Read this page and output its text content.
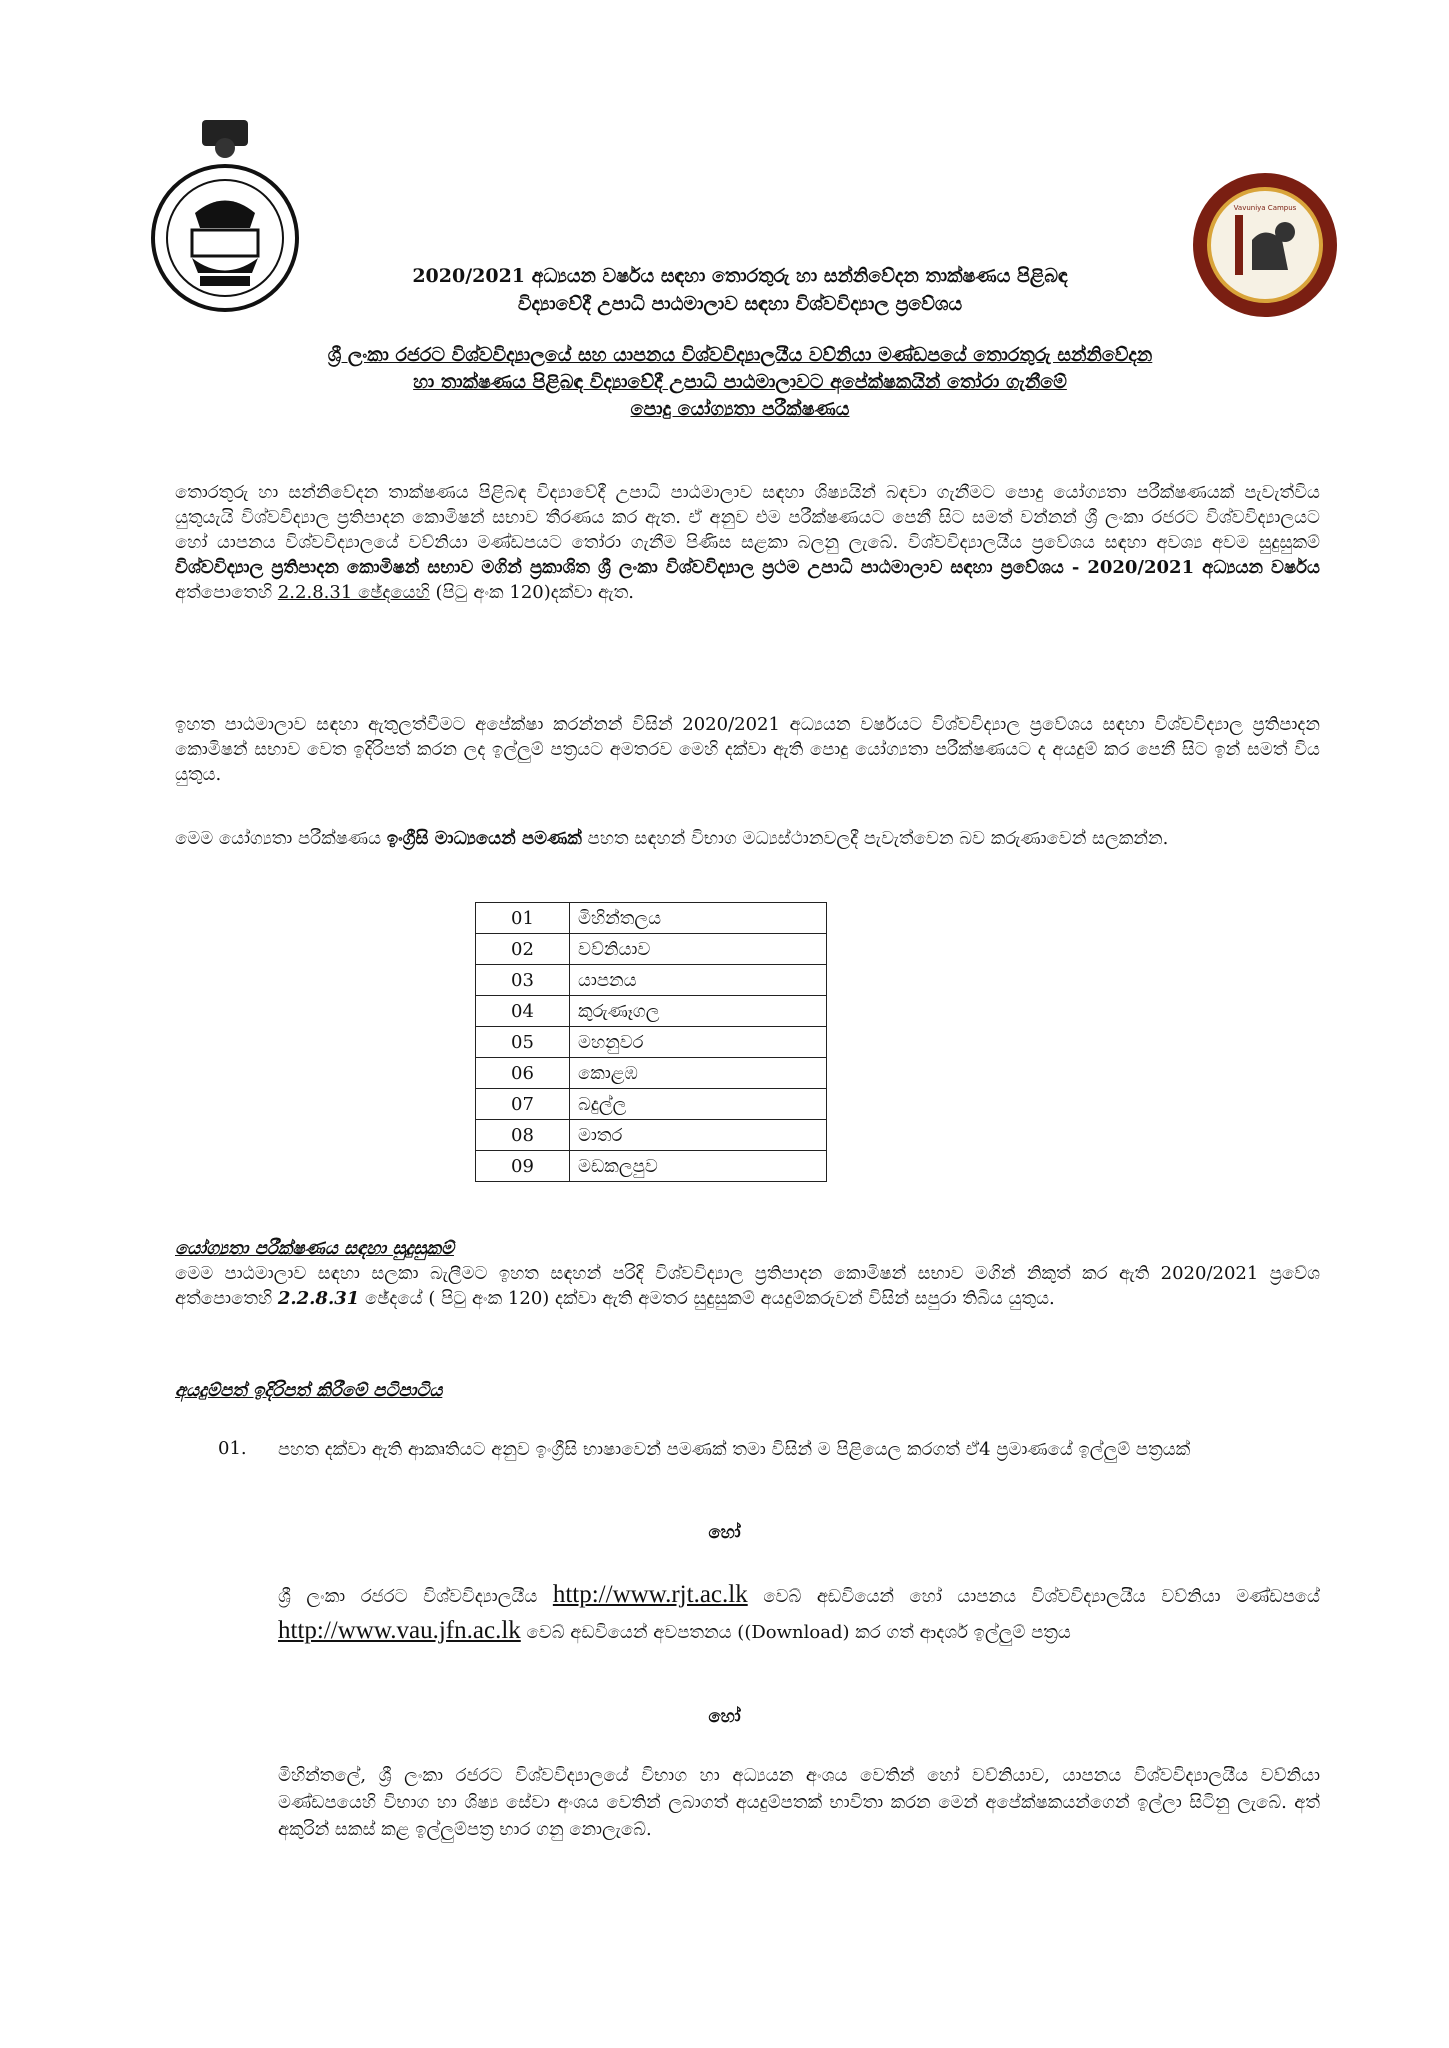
Vavuniya Campus
2020/2021 අධ්‍යයන වර්ෂය සඳහා තොරතුරු හා සන්නිවේදන තාක්ෂණය පිළිබඳ
විද්‍යාවේදී උපාධි පාඨමාලාව සඳහා විශ්වවිද්‍යාල ප්‍රවේශය
ශ්‍රී ලංකා රජරට විශ්වවිද්‍යාලයේ සහ යාපනය විශ්වවිද්‍යාලයීය වව්නියා මණ්ඩපයේ තොරතුරු සන්නිවේදන
හා තාක්ෂණය පිළිබඳ විද්‍යාවේදී උපාධි පාඨමාලාවට අපේක්ෂකයින් තෝරා ගැනීමේ
පොදු යෝග්‍යතා පරීක්ෂණය
තොරතුරු හා සන්නිවේදන තාක්ෂණය පිළිබඳ විද්‍යාවේදී උපාධි පාඨමාලාව සඳහා ශිෂ්‍යයින් බඳවා ගැනීමට පොදු යෝග්‍යතා පරීක්ෂණයක් පැවැත්විය යුතුයැයි විශ්වවිද්‍යාල ප්‍රතිපාදන කොමිෂන් සභාව තීරණය කර ඇත. ඒ අනුව එම පරීක්ෂණයට පෙනී සිට සමත් වන්නන් ශ්‍රී ලංකා රජරට විශ්වවිද්‍යාලයට හෝ යාපනය විශ්වවිද්‍යාලයේ වව්නියා මණ්ඩපයට තෝරා ගැනීම පිණිස සළකා බලනු ලැබේ. විශ්වවිද්‍යාලයීය ප්‍රවේශය සඳහා අවශ්‍ය අවම සුදුසුකම් විශ්වවිද්‍යාල ප්‍රතිපාදන කොමිෂන් සභාව මගින් ප්‍රකාශිත ශ්‍රී ලංකා විශ්වවිද්‍යාල ප්‍රථම උපාධි පාඨමාලාව සඳහා ප්‍රවේශය - 2020/2021 අධ්‍යයන වර්ෂය අත්පොතෙහි 2.2.8.31 ඡේදයෙහි (පිටු අංක 120)දක්වා ඇත.
ඉහත පාඨමාලාව සඳහා ඇතුලත්වීමට අපේක්ෂා කරන්නන් විසින් 2020/2021 අධ්‍යයන වර්ෂයට විශ්වවිද්‍යාල ප්‍රවේශය සඳහා විශ්වවිද්‍යාල ප්‍රතිපාදන කොමිෂන් සභාව වෙත ඉදිරිපත් කරන ලද ඉල්ලුම් පත්‍රයට අමතරව මෙහි දක්වා ඇති පොදු යෝග්‍යතා පරීක්ෂණයට ද අයදුම් කර පෙනී සිට ඉන් සමත් විය යුතුය.
මෙම යෝග්‍යතා පරීක්ෂණය ඉංග්‍රීසි මාධ්‍යයෙන් පමණක් පහත සඳහන් විභාග මධ්‍යස්ථානවලදී පැවැත්වෙන බව කරුණාවෙන් සලකන්න.
01	මිහින්තලය
02	වව්නියාව
03	යාපනය
04	කුරුණෑගල
05	මහනුවර
06	කොළඹ
07	බදුල්ල
08	මාතර
09	මඩකලපුව
යෝග්‍යතා පරීක්ෂණය සඳහා සුදුසුකම්
මෙම පාඨමාලාව සඳහා සලකා බැලීමට ඉහත සඳහන් පරිදි විශ්වවිද්‍යාල ප්‍රතිපාදන කොමිෂන් සභාව මගින් නිකුත් කර ඇති 2020/2021 ප්‍රවේශ අත්පොතෙහි 2.2.8.31 ඡේදයේ ( පිටු අංක 120) දක්වා ඇති අමතර සුදුසුකම් අයදුම්කරුවන් විසින් සපුරා තිබිය යුතුය.
අයදුම්පත් ඉදිරිපත් කිරීමේ පටිපාටිය
01. පහත දක්වා ඇති ආකෘතියට අනුව ඉංග්‍රීසි භාෂාවෙන් පමණක් තමා විසින් ම පිළියෙල කරගත් ඒ4 ප්‍රමාණයේ ඉල්ලුම් පත්‍රයක්
හෝ
ශ්‍රී ලංකා රජරට විශ්වවිද්‍යාලයීය http://www.rjt.ac.lk වෙබ් අඩවියෙන් හෝ යාපනය විශ්වවිද්‍යාලයීය වව්නියා මණ්ඩපයේ http://www.vau.jfn.ac.lk වෙබ් අඩවියෙන් අවපතනය ((Download) කර ගත් ආදර්ශ ඉල්ලුම් පත්‍රය
හෝ
මිහින්තලේ, ශ්‍රී ලංකා රජරට විශ්වවිද්‍යාලයේ විභාග හා අධ්‍යයන අංශය වෙතින් හෝ වව්නියාව, යාපනය විශ්වවිද්‍යාලයීය වව්නියා මණ්ඩපයෙහි විභාග හා ශිෂ්‍ය සේවා අංශය වෙතින් ලබාගත් අයදුම්පතක් භාවිතා කරන මෙන් අපේක්ෂකයන්ගෙන් ඉල්ලා සිටිනු ලැබේ. අත් අකුරින් සකස් කළ ඉල්ලුම්පත්‍ර භාර ගනු නොලැබේ.
